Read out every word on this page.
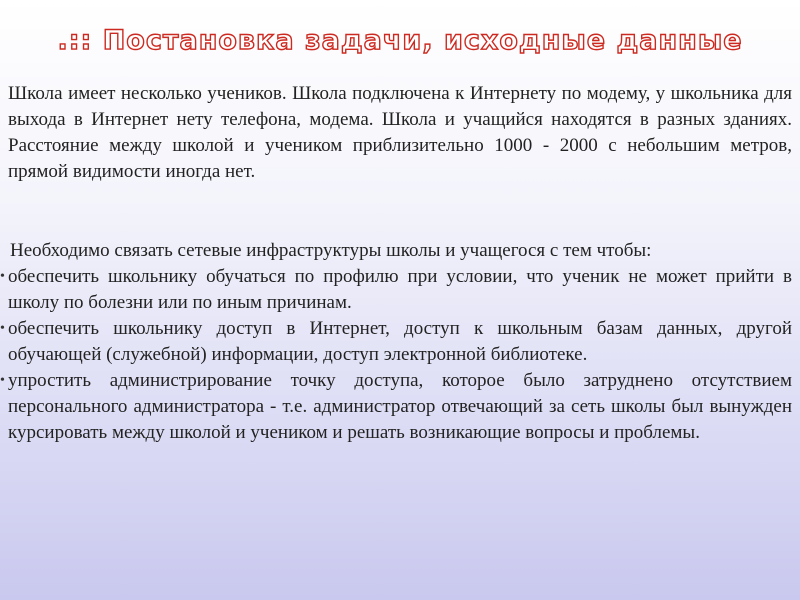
.:: Постановка задачи, исходные данные
Школа имеет несколько учеников. Школа подключена к Интернету по модему, у школьника для выхода в Интернет нету телефона, модема. Школа и учащийся находятся в разных зданиях. Расстояние между школой и учеником приблизительно 1000 - 2000 с небольшим метров, прямой видимости иногда нет.
Необходимо связать сетевые инфраструктуры школы и учащегося с тем чтобы:
• обеспечить школьнику обучаться по профилю при условии, что ученик не может прийти в школу по болезни или по иным причинам.
• обеспечить школьнику доступ в Интернет, доступ к школьным базам данных, другой обучающей (служебной) информации, доступ электронной библиотеке.
• упростить администрирование точку доступа, которое было затруднено отсутствием персонального администратора - т.е. администратор отвечающий за сеть школы был вынужден курсировать между школой и учеником и решать возникающие вопросы и проблемы.
